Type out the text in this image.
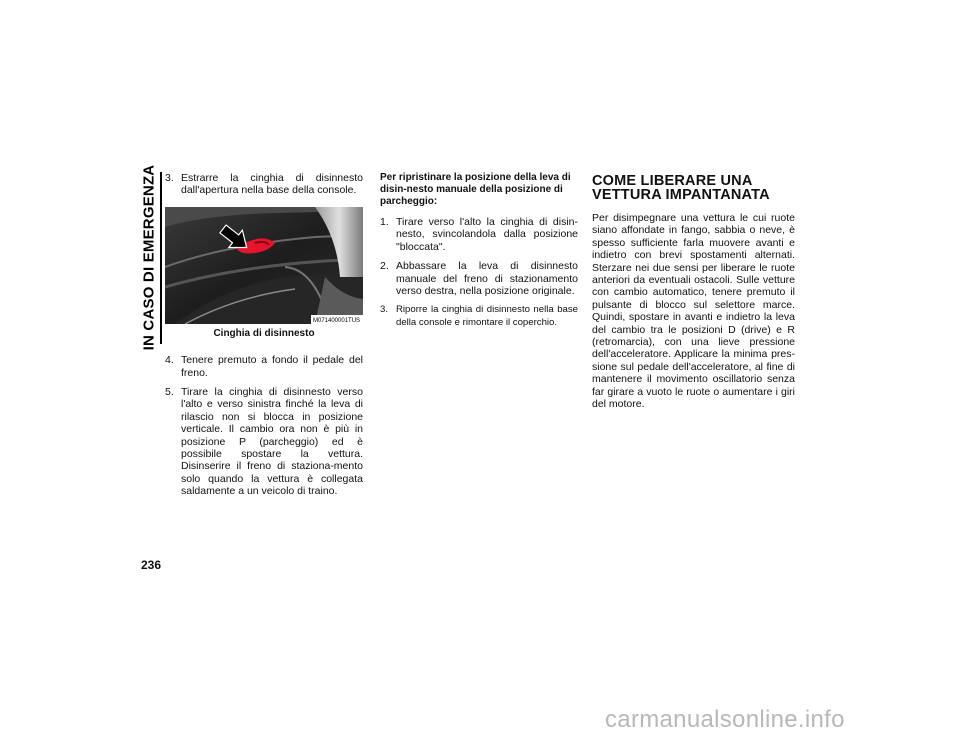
IN CASO DI EMERGENZA
236
3. Estrarre la cinghia di disinnesto dall'apertura nella base della console.
M071400001TUS
Cinghia di disinnesto
4. Tenere premuto a fondo il pedale del freno.
5. Tirare la cinghia di disinnesto verso l'alto e verso sinistra finché la leva di rilascio non si blocca in posizione verticale. Il cambio ora non è più in posizione P (parcheggio) ed è possibile spostare la vettura. Disinserire il freno di staziona-mento solo quando la vettura è collegata saldamente a un veicolo di traino.
Per ripristinare la posizione della leva di disin-nesto manuale della posizione di parcheggio:
1. Tirare verso l'alto la cinghia di disin-nesto, svincolandola dalla posizione "bloccata".
2. Abbassare la leva di disinnesto manuale del freno di stazionamento verso destra, nella posizione originale.
3. Riporre la cinghia di disinnesto nella base della console e rimontare il coperchio.
COME LIBERARE UNA
VETTURA IMPANTANATA
Per disimpegnare una vettura le cui ruote siano affondate in fango, sabbia o neve, è spesso sufficiente farla muovere avanti e indietro con brevi spostamenti alternati. Sterzare nei due sensi per liberare le ruote anteriori da eventuali ostacoli. Sulle vetture con cambio automatico, tenere premuto il pulsante di blocco sul selettore marce. Quindi, spostare in avanti e indietro la leva del cambio tra le posizioni D (drive) e R (retromarcia), con una lieve pressione dell'acceleratore. Applicare la minima pres-sione sul pedale dell'acceleratore, al fine di mantenere il movimento oscillatorio senza far girare a vuoto le ruote o aumentare i giri del motore.
carmanualsonline.info
